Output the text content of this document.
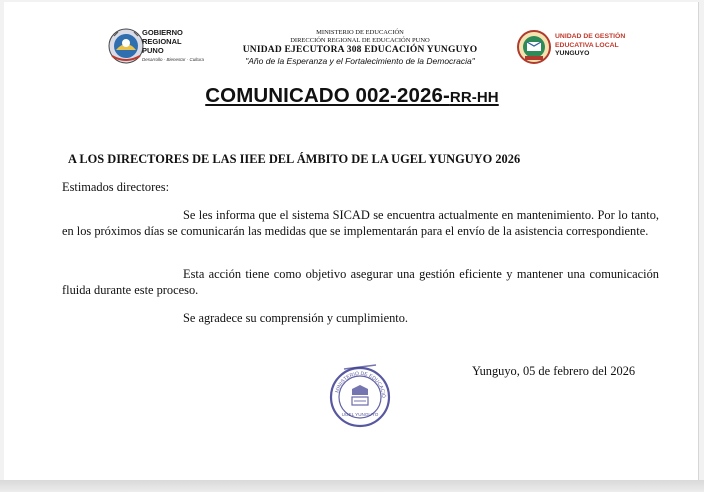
GOBIERNO
REGIONAL
PUNO
Desarrollo · Bienestar · Cultura
MINISTERIO DE EDUCACIÓN
DIRECCIÓN REGIONAL DE EDUCACIÓN PUNO
UNIDAD EJECUTORA 308 EDUCACIÓN YUNGUYO
"Año de la Esperanza y el Fortalecimiento de la Democracia"
UNIDAD DE GESTIÓN
EDUCATIVA LOCAL
YUNGUYO
COMUNICADO 002-2026-RR-HH
A LOS DIRECTORES DE LAS IIEE DEL ÁMBITO DE LA UGEL YUNGUYO 2026
Estimados directores:
Se les informa que el sistema SICAD se encuentra actualmente en mantenimiento. Por lo tanto, en los próximos días se comunicarán las medidas que se implementarán para el envío de la asistencia correspondiente.
Esta acción tiene como objetivo asegurar una gestión eficiente y mantener una comunicación fluida durante este proceso.
Se agradece su comprensión y cumplimiento.
Yunguyo, 05 de febrero del 2026
MINISTERIO DE EDUCACIÓ
UGEL YUNGUYO
